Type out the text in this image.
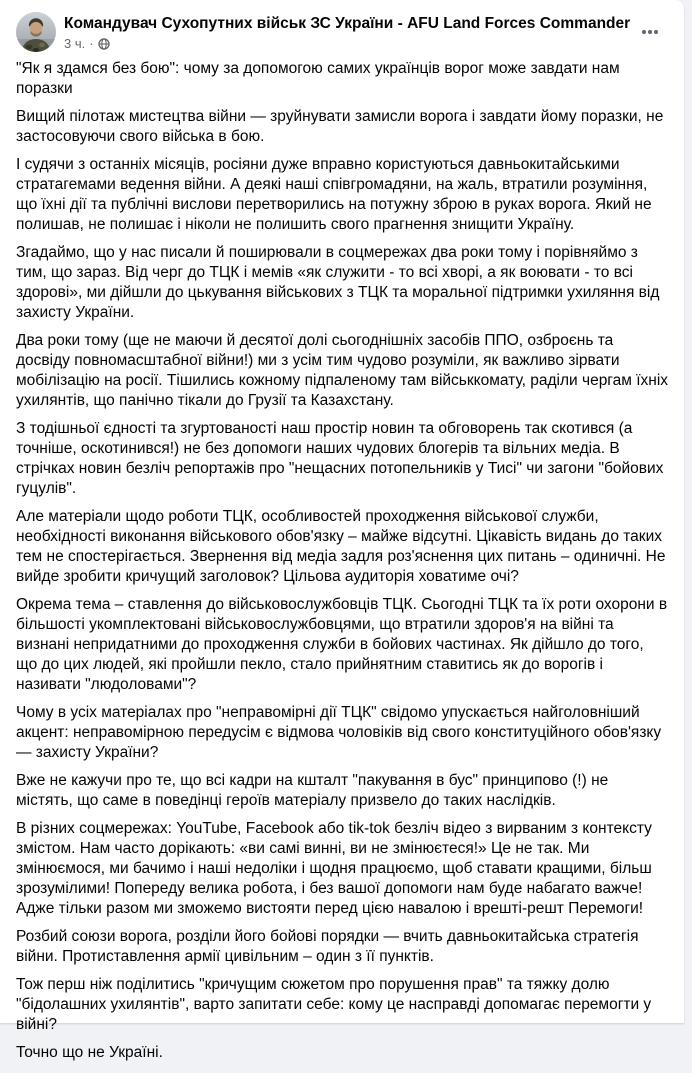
Командувач Сухопутних військ ЗС України - AFU Land Forces Commander
3 ч. ·

"Як я здамся без бою": чому за допомогою самих українців ворог може завдати нам поразки

Вищий пілотаж мистецтва війни — зруйнувати замисли ворога і завдати йому поразки, не застосовуючи свого війська в бою.

І судячи з останніх місяців, росіяни дуже вправно користуються давньокитайськими стратагемами ведення війни. А деякі наші співгромадяни, на жаль, втратили розуміння, що їхні дії та публічні вислови перетворились на потужну зброю в руках ворога. Який не полишав, не полишає і ніколи не полишить свого прагнення знищити Україну.

Згадаймо, що у нас писали й поширювали в соцмережах два роки тому і порівняймо з тим, що зараз. Від черг до ТЦК і мемів «як служити - то всі хворі, а як воювати - то всі здорові», ми дійшли до цькування військових з ТЦК та моральної підтримки ухиляння від захисту України.

Два роки тому (ще не маючи й десятої долі сьогоднішніх засобів ППО, озброєнь та досвіду повномасштабної війни!) ми з усім тим чудово розуміли, як важливо зірвати мобілізацію на росії. Тішились кожному підпаленому там військкомату, раділи чергам їхніх ухилянтів, що панічно тікали до Грузії та Казахстану.

З тодішньої єдності та згуртованості наш простір новин та обговорень так скотився (а точніше, оскотинився!) не без допомоги наших чудових блогерів та вільних медіа. В стрічках новин безліч репортажів про "нещасних потопельників у Тисі" чи загони "бойових гуцулів".

Але матеріали щодо роботи ТЦК, особливостей проходження військової служби, необхідності виконання військового обов'язку – майже відсутні. Цікавість видань до таких тем не спостерігається. Звернення від медіа задля роз'яснення цих питань – одиничні. Не вийде зробити кричущий заголовок? Цільова аудиторія ховатиме очі?

Окрема тема – ставлення до військовослужбовців ТЦК. Сьогодні ТЦК та їх роти охорони в більшості укомплектовані військовослужбовцями, що втратили здоров'я на війні та визнані непридатними до проходження служби в бойових частинах. Як дійшло до того, що до цих людей, які пройшли пекло, стало прийнятним ставитись як до ворогів і називати "людоловами"?

Чому в усіх матеріалах про "неправомірні дії ТЦК" свідомо упускається найголовніший акцент: неправомірною передусім є відмова чоловіків від свого конституційного обов'язку — захисту України?

Вже не кажучи про те, що всі кадри на кшталт "пакування в бус" принципово (!) не містять, що саме в поведінці героїв матеріалу призвело до таких наслідків.

В різних соцмережах: YouTube, Facebook або tik-tok безліч відео з вирваним з контексту змістом. Нам часто дорікають: «ви самі винні, ви не змінюєтеся!» Це не так. Ми змінюємося, ми бачимо і наші недоліки і щодня працюємо, щоб ставати кращими, більш зрозумілими! Попереду велика робота, і без вашої допомоги нам буде набагато важче! Адже тільки разом ми зможемо вистояти перед цією навалою і врешті-решт Перемоги!

Розбий союзи ворога, розділи його бойові порядки — вчить давньокитайська стратегія війни. Протиставлення армії цивільним – один з її пунктів.

Тож перш ніж поділитись "кричущим сюжетом про порушення прав" та тяжку долю "бідолашних ухилянтів", варто запитати себе: кому це насправді допомагає перемогти у війні?

Точно що не Україні.
